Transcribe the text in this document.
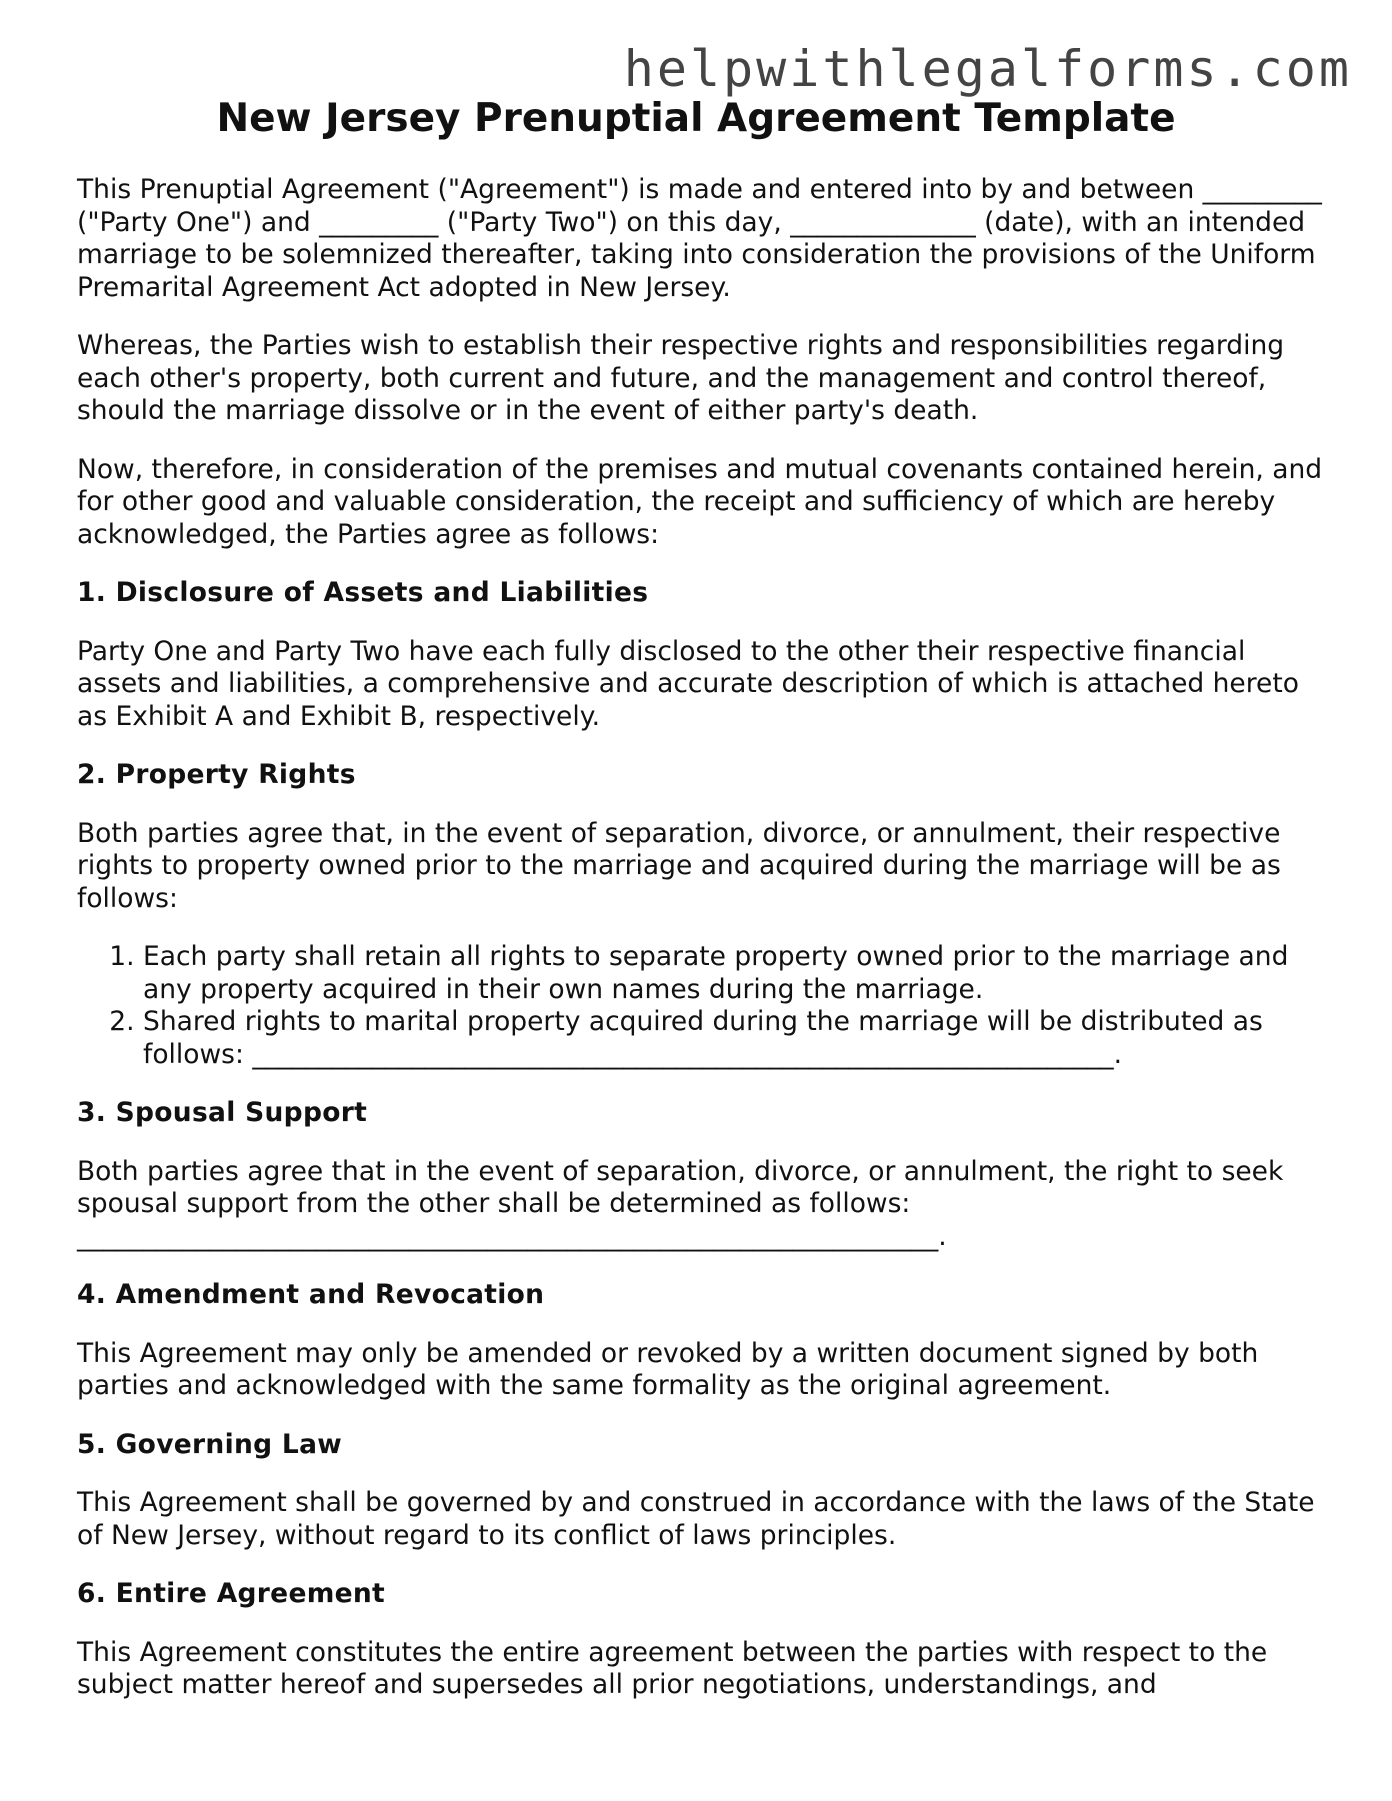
helpwithlegalforms.com
New Jersey Prenuptial Agreement Template

This Prenuptial Agreement ("Agreement") is made and entered into by and between _________ ("Party One") and _________ ("Party Two") on this day, ______________ (date), with an intended marriage to be solemnized thereafter, taking into consideration the provisions of the Uniform Premarital Agreement Act adopted in New Jersey.

Whereas, the Parties wish to establish their respective rights and responsibilities regarding each other's property, both current and future, and the management and control thereof, should the marriage dissolve or in the event of either party's death.

Now, therefore, in consideration of the premises and mutual covenants contained herein, and for other good and valuable consideration, the receipt and sufficiency of which are hereby acknowledged, the Parties agree as follows:

1. Disclosure of Assets and Liabilities

Party One and Party Two have each fully disclosed to the other their respective financial assets and liabilities, a comprehensive and accurate description of which is attached hereto as Exhibit A and Exhibit B, respectively.

2. Property Rights

Both parties agree that, in the event of separation, divorce, or annulment, their respective rights to property owned prior to the marriage and acquired during the marriage will be as follows:

1. Each party shall retain all rights to separate property owned prior to the marriage and any property acquired in their own names during the marriage.
2. Shared rights to marital property acquired during the marriage will be distributed as follows: _________________________________________________________________.
3. Spousal Support

Both parties agree that in the event of separation, divorce, or annulment, the right to seek spousal support from the other shall be determined as follows: _________________________________________________________________.

4. Amendment and Revocation

This Agreement may only be amended or revoked by a written document signed by both parties and acknowledged with the same formality as the original agreement.

5. Governing Law

This Agreement shall be governed by and construed in accordance with the laws of the State of New Jersey, without regard to its conflict of laws principles.

6. Entire Agreement

This Agreement constitutes the entire agreement between the parties with respect to the subject matter hereof and supersedes all prior negotiations, understandings, and
